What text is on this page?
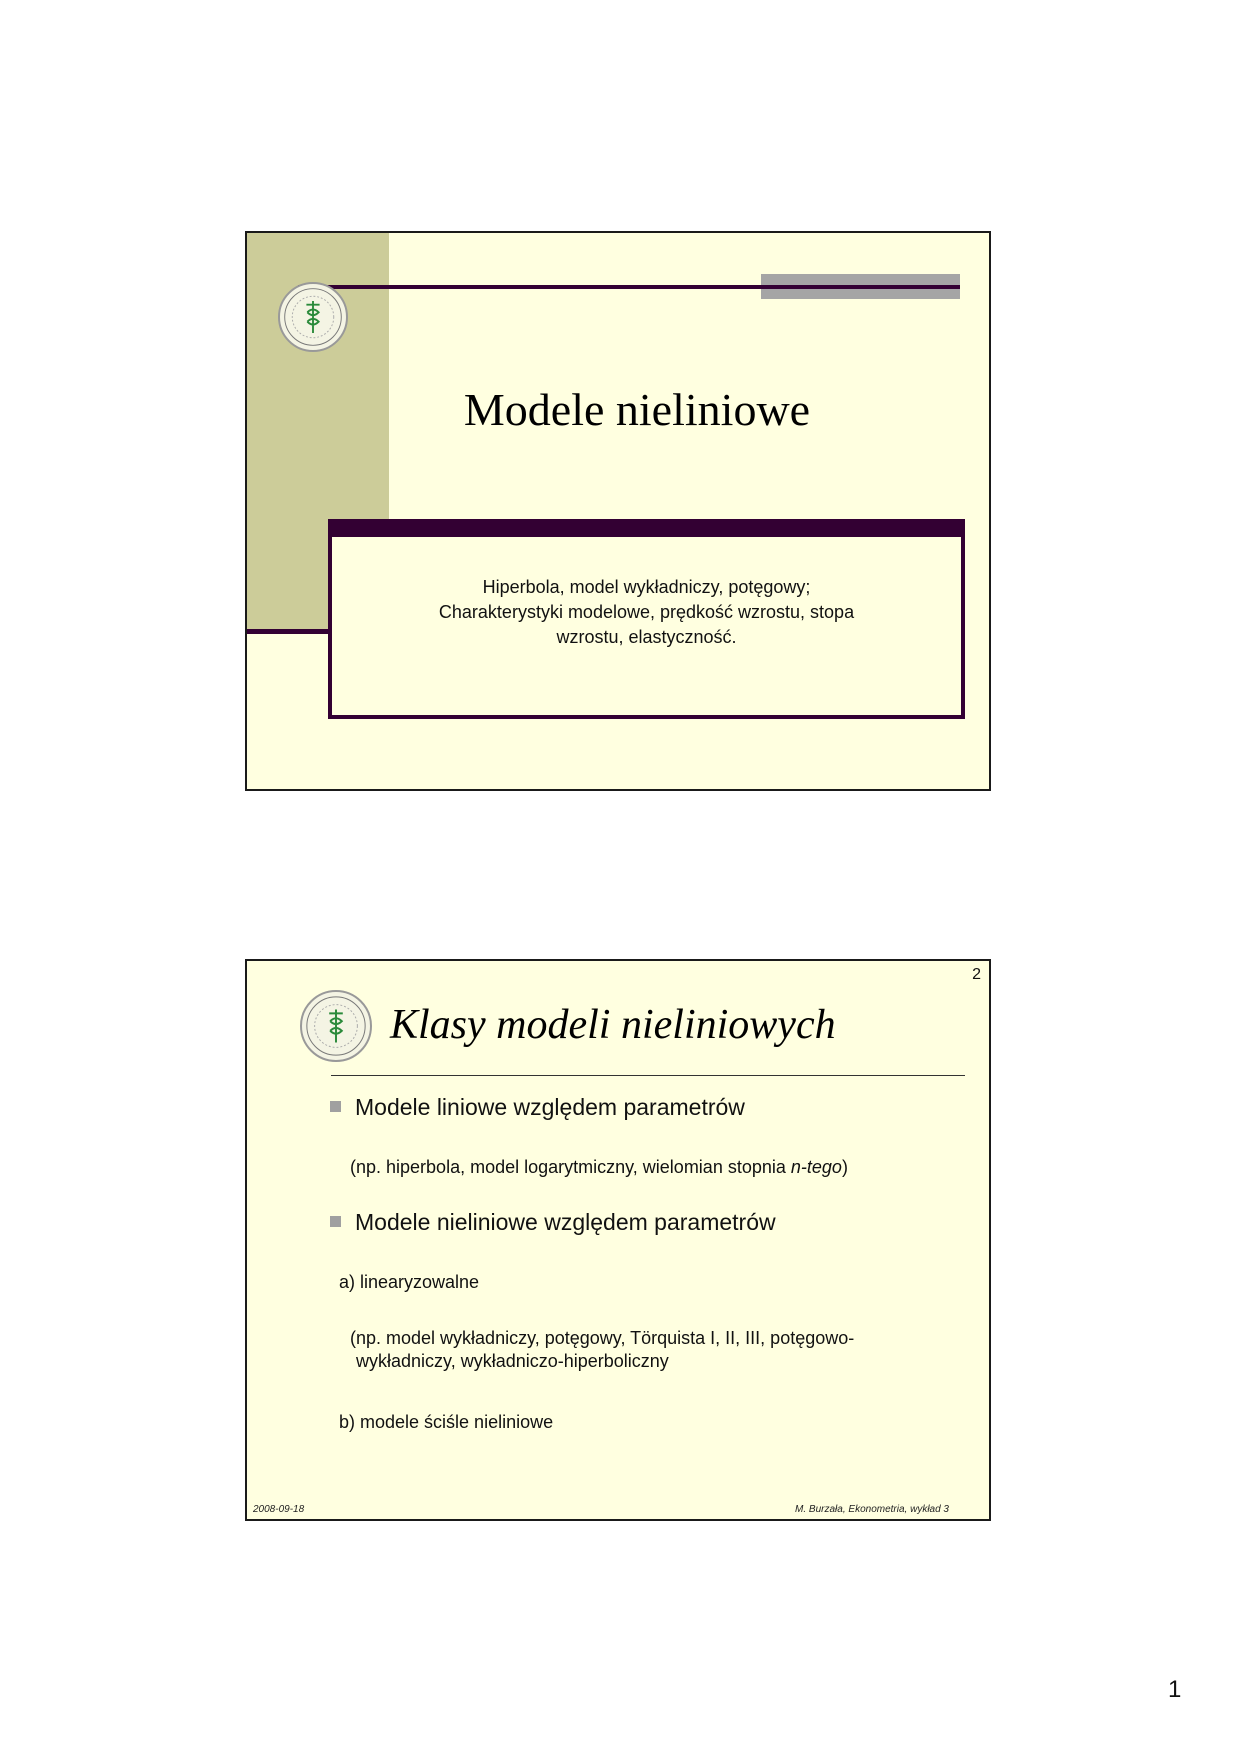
Modele nieliniowe
Hiperbola, model wykładniczy, potęgowy;
Charakterystyki modelowe, prędkość wzrostu, stopa
wzrostu, elastyczność.
2
Klasy modeli nieliniowych
Modele liniowe względem parametrów
(np. hiperbola, model logarytmiczny, wielomian stopnia n-tego)
Modele nieliniowe względem parametrów
a) linearyzowalne
(np. model wykładniczy, potęgowy, Törquista I, II, III, potęgowo-
wykładniczy, wykładniczo-hiperboliczny
b) modele ściśle nieliniowe
2008-09-18	M. Burzała, Ekonometria, wykład 3
1
